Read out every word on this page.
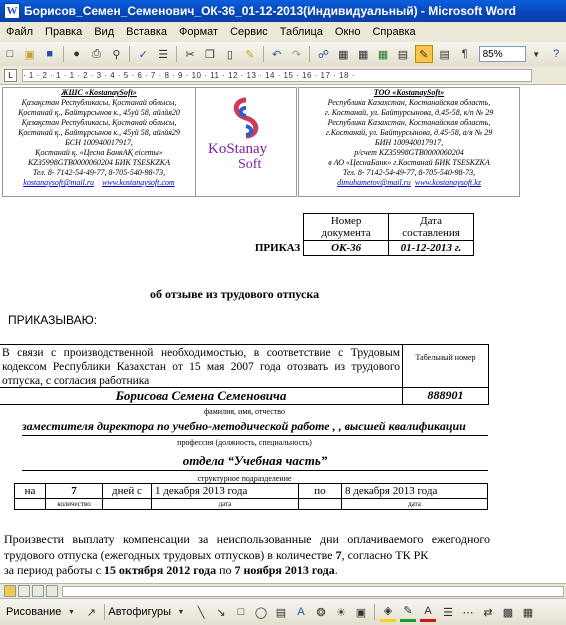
W Борисов_Семен_Семенович_ОК-36_01-12-2013(Индивидуальный) - Microsoft Word
Файл	Правка	Вид	Вставка	Формат	Сервис	Таблица	Окно	Справка
□	▣	■	●	⎙	⚲	✓ ☰	✂ ❐	▯	✎	↶ ↷	☍ ▦ ▦ ▦ ▤	✎	▤	¶	85%	▼	?
L	· 1 · 2 · 1 · 1 · 2 · 3 · 4 · 5 · 6 · 7 · 8 · 9 · 10 · 11 · 12 · 13 · 14 · 15 · 16 · 17 · 18 ·
ЖШС «KostanaySoft»
Қазақстан Республикасы, Қостанай облысы,
Қостанай қ., Байтұрсынов к., 45уй 58, айлйя20
Қазақстан Республикасы, Қостанай облысы,
Қостанай қ., Байтұрсынов к., 45уй 58, айлйя29
БСН 100940017917,
Қостанай қ. «Цесна БанкАҚ еісеты»
KZ35998GTB0000060204 БИК TSESKZKA
Тел. 8- 7142-54-49-77, 8-705-540-98-73,
kostanaysoft@mail.ru www.kostanaysoft.com
KoStanay
Soft
ТОО «KostanaySoft»
Республика Казахстан, Костанайская область,
г. Костанай, ул. Байтурсынова, д.45-58, к/п № 29
Республика Казахстан, Костанайская область,
г.Костанай, ул. Байтурсынова, д.45-58, а/я № 29
БИН 100940017917,
р/счет KZ35998GTB0000060204
в АО «ЦеснаБанк» г.Костанай БИК TSESKZKA
Тел. 8- 7142-54-49-77, 8-705-540-98-73,
dimuhametov@mail.ru www.kostanaysoft.kz
	Номер документа	Дата составления
ПРИКАЗ	ОК-36	01-12-2013 г.
об отзыве из трудового отпуска
ПРИКАЗЫВАЮ:
В связи с производственной необходимостью, в соответствие с Трудовым кодексом Республики Казахстан от 15 мая 2007 года отозвать из трудового отпуска, с согласия работника
Табельный номер
Борисова Семена Семеновича	888901
фамилия, имя, отчество
заместителя директора по учебно-методической работе , , высшей квалификации
профессия (должность, специальность)
отдела “Учебная часть”
структурное подразделение
на	7	дней с	1 декабря 2013 года	по	8 декабря 2013 года
	количество		дата		дата
Произвести выплату компенсации за неиспользованные дни оплачиваемого ежегодного трудового отпуска (ежегодных трудовых отпусков) в количестве 7, согласно ТК РК
за период работы с 15 октября 2012 года по 7 ноября 2013 года.
Рисование ▼	↗	Автофигуры ▼	╲	↘	□ ◯ ▤	A	❂ ☀ ▣	◈	✎	A	☰ ⋯ ⇄ ▩ ▦
